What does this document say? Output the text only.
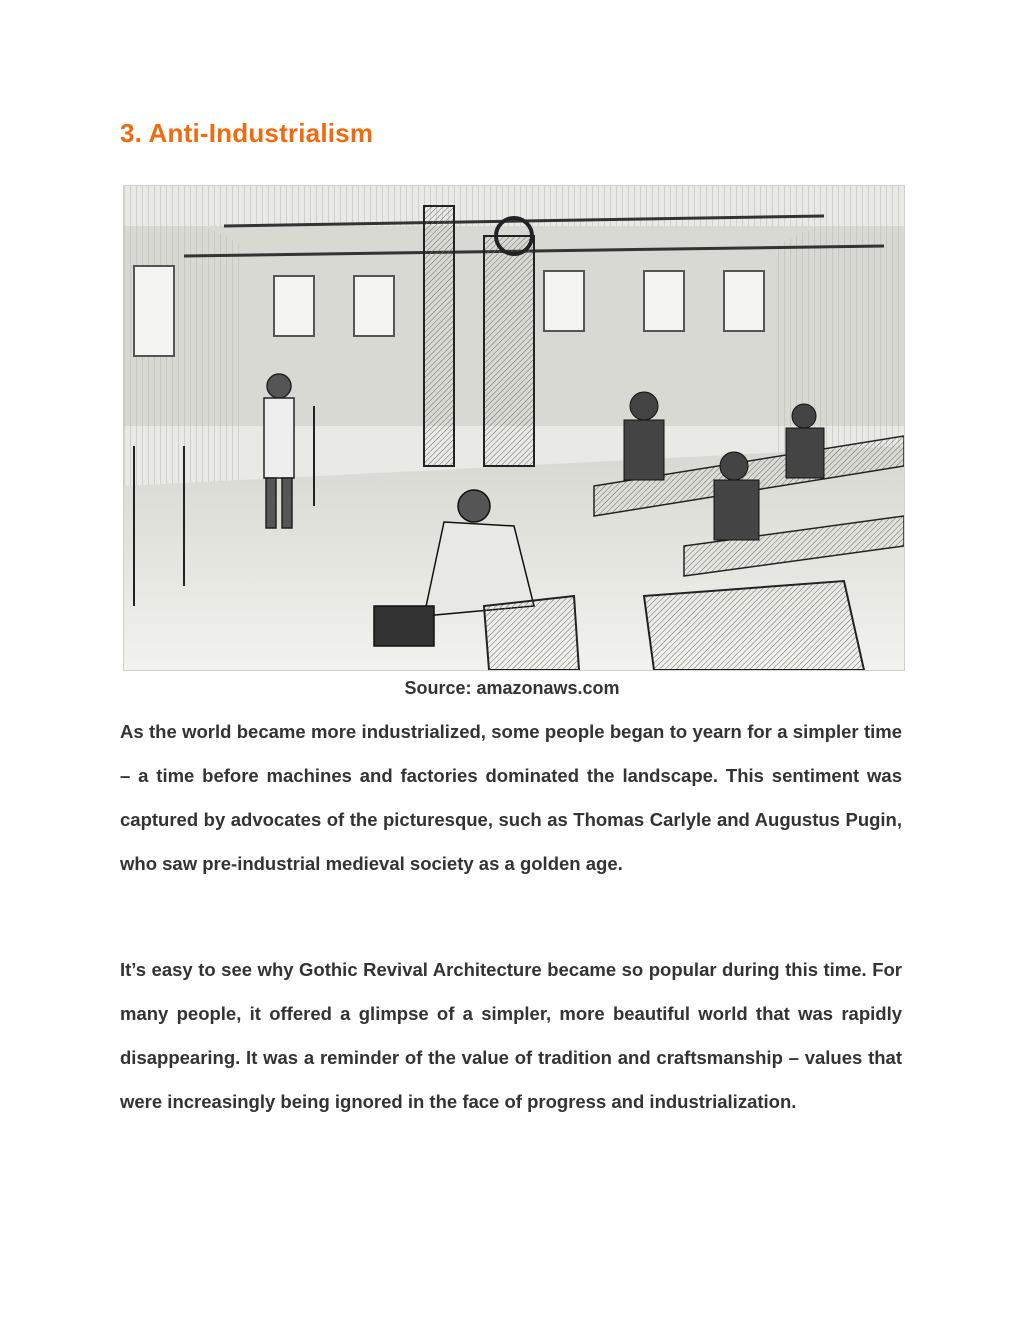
3. Anti-Industrialism
Source: amazonaws.com

As the world became more industrialized, some people began to yearn for a simpler time – a time before machines and factories dominated the landscape. This sentiment was captured by advocates of the picturesque, such as Thomas Carlyle and Augustus Pugin, who saw pre-industrial medieval society as a golden age.

It’s easy to see why Gothic Revival Architecture became so popular during this time. For many people, it offered a glimpse of a simpler, more beautiful world that was rapidly disappearing. It was a reminder of the value of tradition and craftsmanship – values that were increasingly being ignored in the face of progress and industrialization.
